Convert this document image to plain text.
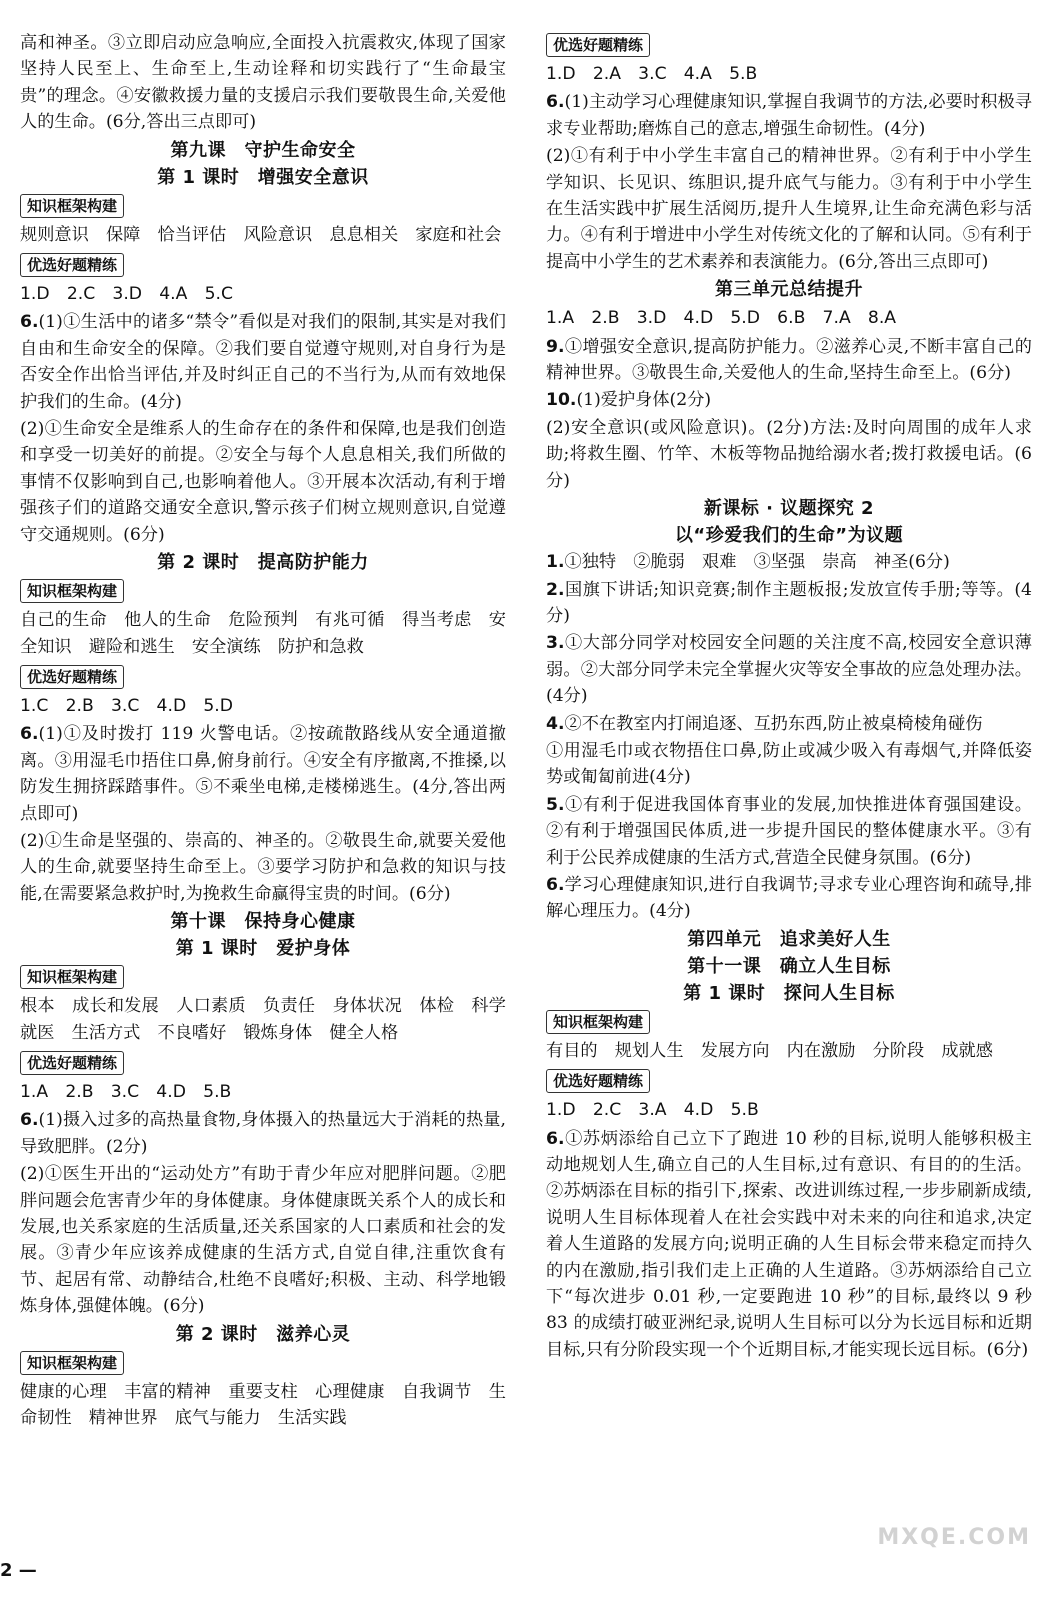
高和神圣。③立即启动应急响应,全面投入抗震救灾,体现了国家坚持人民至上、生命至上,生动诠释和切实践行了“生命最宝贵”的理念。④安徽救援力量的支援启示我们要敬畏生命,关爱他人的生命。(6分,答出三点即可)
第九课　守护生命安全
第 1 课时　增强安全意识
知识框架构建
规则意识　保障　恰当评估　风险意识　息息相关　家庭和社会
优选好题精练
1.D　2.C　3.D　4.A　5.C
6.(1)①生活中的诸多“禁令”看似是对我们的限制,其实是对我们自由和生命安全的保障。②我们要自觉遵守规则,对自身行为是否安全作出恰当评估,并及时纠正自己的不当行为,从而有效地保护我们的生命。(4分)
(2)①生命安全是维系人的生命存在的条件和保障,也是我们创造和享受一切美好的前提。②安全与每个人息息相关,我们所做的事情不仅影响到自己,也影响着他人。③开展本次活动,有利于增强孩子们的道路交通安全意识,警示孩子们树立规则意识,自觉遵守交通规则。(6分)
第 2 课时　提高防护能力
知识框架构建
自己的生命　他人的生命　危险预判　有兆可循　得当考虑　安全知识　避险和逃生　安全演练　防护和急救
优选好题精练
1.C　2.B　3.C　4.D　5.D
6.(1)①及时拨打 119 火警电话。②按疏散路线从安全通道撤离。③用湿毛巾捂住口鼻,俯身前行。④安全有序撤离,不推搡,以防发生拥挤踩踏事件。⑤不乘坐电梯,走楼梯逃生。(4分,答出两点即可)
(2)①生命是坚强的、崇高的、神圣的。②敬畏生命,就要关爱他人的生命,就要坚持生命至上。③要学习防护和急救的知识与技能,在需要紧急救护时,为挽救生命赢得宝贵的时间。(6分)
第十课　保持身心健康
第 1 课时　爱护身体
知识框架构建
根本　成长和发展　人口素质　负责任　身体状况　体检　科学就医　生活方式　不良嗜好　锻炼身体　健全人格
优选好题精练
1.A　2.B　3.C　4.D　5.B
6.(1)摄入过多的高热量食物,身体摄入的热量远大于消耗的热量,导致肥胖。(2分)
(2)①医生开出的“运动处方”有助于青少年应对肥胖问题。②肥胖问题会危害青少年的身体健康。身体健康既关系个人的成长和发展,也关系家庭的生活质量,还关系国家的人口素质和社会的发展。③青少年应该养成健康的生活方式,自觉自律,注重饮食有节、起居有常、动静结合,杜绝不良嗜好;积极、主动、科学地锻炼身体,强健体魄。(6分)
第 2 课时　滋养心灵
知识框架构建
健康的心理　丰富的精神　重要支柱　心理健康　自我调节　生命韧性　精神世界　底气与能力　生活实践
优选好题精练
1.D　2.A　3.C　4.A　5.B
6.(1)主动学习心理健康知识,掌握自我调节的方法,必要时积极寻求专业帮助;磨炼自己的意志,增强生命韧性。(4分)
(2)①有利于中小学生丰富自己的精神世界。②有利于中小学生学知识、长见识、练胆识,提升底气与能力。③有利于中小学生在生活实践中扩展生活阅历,提升人生境界,让生命充满色彩与活力。④有利于增进中小学生对传统文化的了解和认同。⑤有利于提高中小学生的艺术素养和表演能力。(6分,答出三点即可)
第三单元总结提升
1.A　2.B　3.D　4.D　5.D　6.B　7.A　8.A
9.①增强安全意识,提高防护能力。②滋养心灵,不断丰富自己的精神世界。③敬畏生命,关爱他人的生命,坚持生命至上。(6分)
10.(1)爱护身体(2分)
(2)安全意识(或风险意识)。(2分)方法:及时向周围的成年人求助;将救生圈、竹竿、木板等物品抛给溺水者;拨打救援电话。(6分)
新课标 · 议题探究 2
以“珍爱我们的生命”为议题
1.①独特　②脆弱　艰难　③坚强　崇高　神圣(6分)
2.国旗下讲话;知识竞赛;制作主题板报;发放宣传手册;等等。(4分)
3.①大部分同学对校园安全问题的关注度不高,校园安全意识薄弱。②大部分同学未完全掌握火灾等安全事故的应急处理办法。(4分)
4.②不在教室内打闹追逐、互扔东西,防止被桌椅棱角碰伤
①用湿毛巾或衣物捂住口鼻,防止或减少吸入有毒烟气,并降低姿势或匍匐前进(4分)
5.①有利于促进我国体育事业的发展,加快推进体育强国建设。②有利于增强国民体质,进一步提升国民的整体健康水平。③有利于公民养成健康的生活方式,营造全民健身氛围。(6分)
6.学习心理健康知识,进行自我调节;寻求专业心理咨询和疏导,排解心理压力。(4分)
第四单元　追求美好人生
第十一课　确立人生目标
第 1 课时　探问人生目标
知识框架构建
有目的　规划人生　发展方向　内在激励　分阶段　成就感
优选好题精练
1.D　2.C　3.A　4.D　5.B
6.①苏炳添给自己立下了跑进 10 秒的目标,说明人能够积极主动地规划人生,确立自己的人生目标,过有意识、有目的的生活。②苏炳添在目标的指引下,探索、改进训练过程,一步步刷新成绩,说明人生目标体现着人在社会实践中对未来的向往和追求,决定着人生道路的发展方向;说明正确的人生目标会带来稳定而持久的内在激励,指引我们走上正确的人生道路。③苏炳添给自己立下“每次进步 0.01 秒,一定要跑进 10 秒”的目标,最终以 9 秒 83 的成绩打破亚洲纪录,说明人生目标可以分为长远目标和近期目标,只有分阶段实现一个个近期目标,才能实现长远目标。(6分)
2 —
MXQE.COM
